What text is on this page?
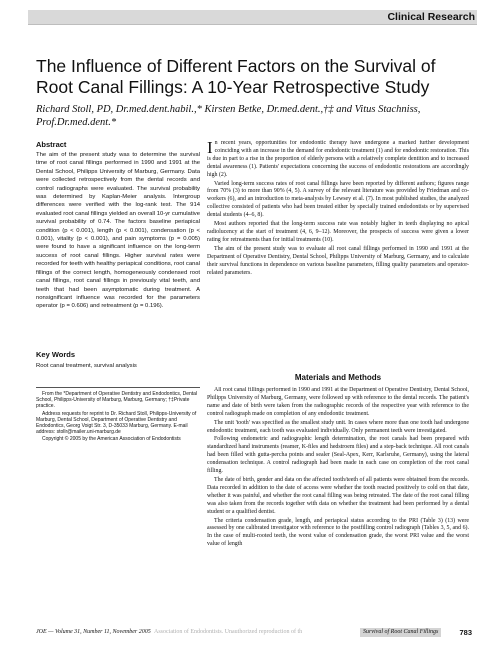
Clinical Research
The Influence of Different Factors on the Survival of Root Canal Fillings: A 10-Year Retrospective Study
Richard Stoll, PD, Dr.med.dent.habil.,* Kirsten Betke, Dr.med.dent.,†‡ and Vitus Stachniss, Prof.Dr.med.dent.*
Abstract
The aim of the present study was to determine the survival time of root canal fillings performed in 1990 and 1991 at the Dental School, Philipps University of Marburg, Germany. Data were collected retrospectively from the dental records and control radiographs were evaluated. The survival probability was determined by Kaplan-Meier analysis. Intergroup differences were verified with the log-rank test. The 914 evaluated root canal fillings yielded an overall 10-yr cumulative survival probability of 0.74. The factors baseline periapical condition (p < 0.001), length (p < 0.001), condensation (p < 0.001), vitality (p < 0.001), and pain symptoms (p = 0.005) were found to have a significant influence on the long-term success of root canal fillings. Higher survival rates were recorded for teeth with healthy periapical conditions, root canal fillings of the correct length, homogeneously condensed root canal fillings, root canal fillings in previously vital teeth, and teeth that had been asymptomatic during treatment. A nonsignificant influence was recorded for the parameters operator (p = 0.606) and retreatment (p = 0.196).
Key Words
Root canal treatment, survival analysis

From the *Department of Operative Dentistry and Endodontics, Dental School, Philipps-University of Marburg, Marburg, Germany; †‡Private practice.

Address requests for reprint to Dr. Richard Stoll, Philipps-University of Marburg, Dental School, Department of Operative Dentistry and Endodontics, Georg Voigt Str. 3, D-35033 Marburg, Germany. E-mail address: stollr@mailer.uni-marburg.de

Copyright © 2005 by the American Association of Endodontists

In recent years, opportunities for endodontic therapy have undergone a marked further development coinciding with an increase in the demand for endodontic treatment (1) and for endodontic restoration. This is due in part to a rise in the proportion of elderly persons with a relatively complete dentition and to increased dental awareness (1). Patients' expectations concerning the success of endodontic restorations are accordingly high (2).

Varied long-term success rates of root canal fillings have been reported by different authors; figures range from 70% (3) to more than 90% (4, 5). A survey of the relevant literature was provided by Friedman and co-workers (6), and an introduction to meta-analysis by Lewsey et al. (7). In most published studies, the analyzed collective consisted of patients who had been treated either by specially trained endodontists or by supervised dental students (4–6, 8).

Most authors reported that the long-term success rate was notably higher in teeth displaying no apical radiolucency at the start of treatment (4, 6, 9–12). Moreover, the prospects of success were given a lower rating for retreatments than for initial treatments (10).

The aim of the present study was to evaluate all root canal fillings performed in 1990 and 1991 at the Department of Operative Dentistry, Dental School, Philipps University of Marburg, Germany, and to calculate their survival functions in dependence on various baseline parameters, filling quality parameters and operator-related parameters.

Materials and Methods

All root canal fillings performed in 1990 and 1991 at the Department of Operative Dentistry, Dental School, Philipps University of Marburg, Germany, were followed up with reference to the dental records. The patient's name and date of birth were taken from the radiographic records of the respective year with reference to the control radiograph made on completion of any endodontic treatment.

The unit 'tooth' was specified as the smallest study unit. In cases where more than one tooth had undergone endodontic treatment, each tooth was evaluated individually. Only permanent teeth were investigated.

Following endometric and radiographic length determination, the root canals had been prepared with standardized hand instruments (reamer, K-files and hedstroem files) and a step-back technique. All root canals had been filled with gutta-percha points and sealer (Seal-Apex, Kerr, Karlsruhe, Germany), using the lateral condensation technique. A control radiograph had been made in each case on completion of the root canal filling.

The date of birth, gender and data on the affected tooth/teeth of all patients were obtained from the records. Data recorded in addition to the date of access were whether the tooth reacted positively to cold on that date, whether it was painful, and whether the root canal filling was being retreated. The date of the root canal filling was also taken from the records together with data on whether the treatment had been performed by a dental student or a qualified dentist.

The criteria condensation grade, length, and periapical status according to the PRI (Table 3) (13) were assessed by one calibrated investigator with reference to the postfilling control radiograph (Tables 3, 5, and 6). In the case of multi-rooted teeth, the worst value of condensation grade, the worst PRI value and the worst value of length

JOE — Volume 31, Number 11, November 2005 Association of Endodontists. Unauthorized reproduction of th	Survival of Root Canal Fillings	783
